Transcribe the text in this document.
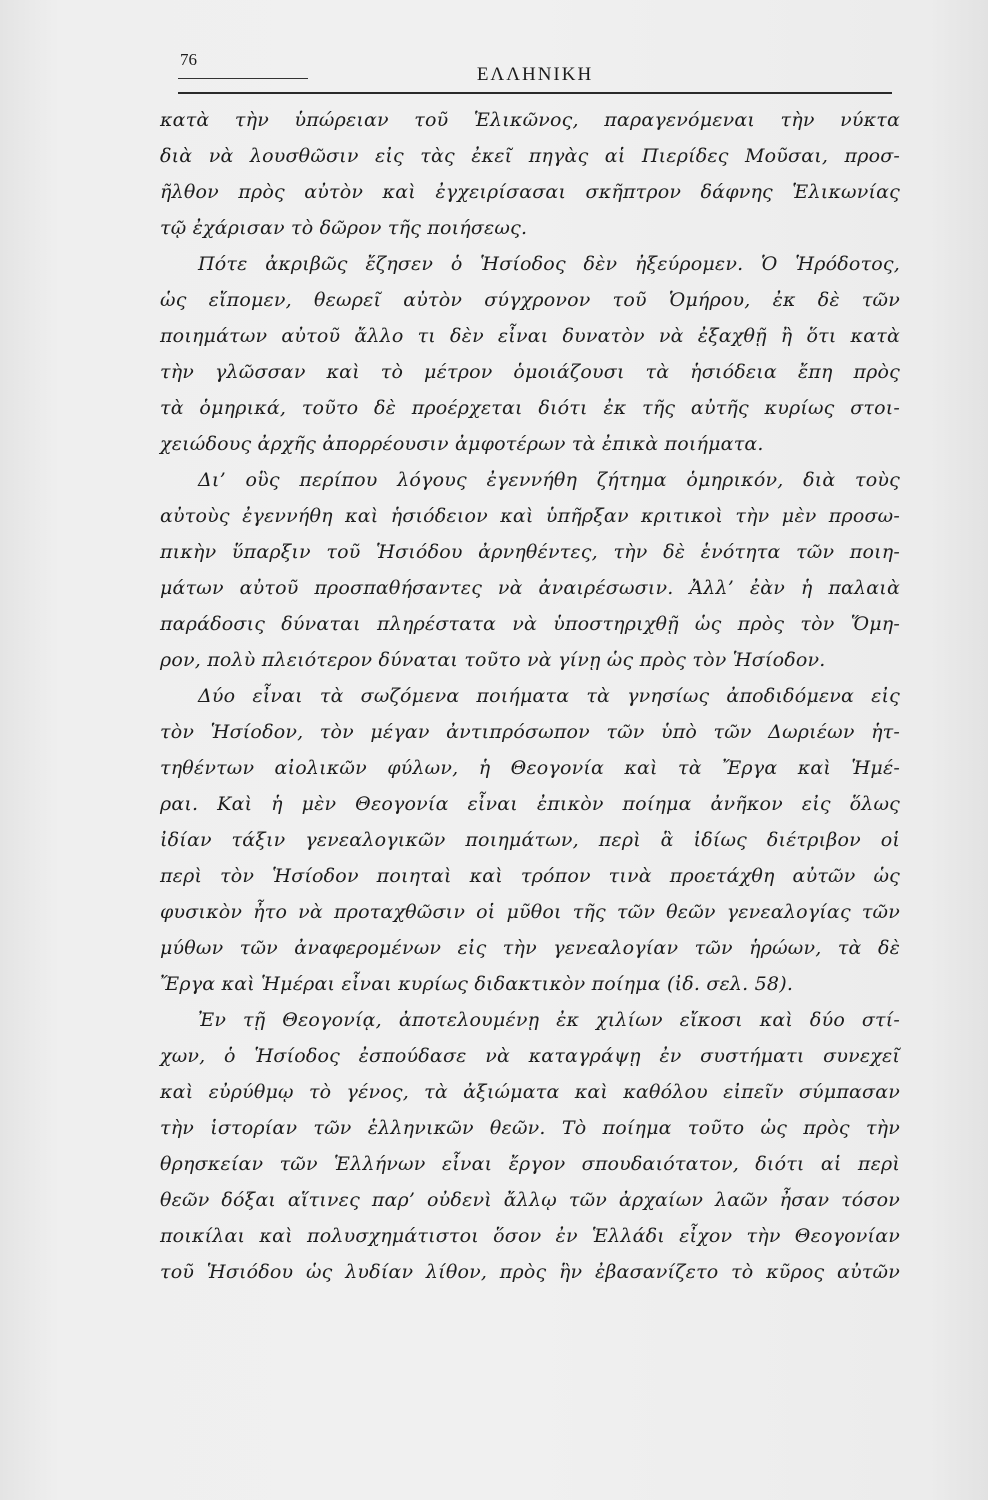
76
ΕΛΛΗΝΙΚΗ
κατὰ τὴν ὑπώρειαν τοῦ Ἑλικῶνος, παραγενόμεναι τὴν νύκτα
διὰ νὰ λουσθῶσιν εἰς τὰς ἐκεῖ πηγὰς αἱ Πιερίδες Μοῦσαι, προσ-
ῆλθον πρὸς αὐτὸν καὶ ἐγχειρίσασαι σκῆπτρον δάφνης Ἑλικωνίας
τῷ ἐχάρισαν τὸ δῶρον τῆς ποιήσεως.
Πότε ἀκριβῶς ἔζησεν ὁ Ἡσίοδος δὲν ἠξεύρομεν. Ὁ Ἡρόδοτος,
ὡς εἴπομεν, θεωρεῖ αὐτὸν σύγχρονον τοῦ Ὁμήρου, ἐκ δὲ τῶν
ποιημάτων αὐτοῦ ἄλλο τι δὲν εἶναι δυνατὸν νὰ ἐξαχθῇ ἢ ὅτι κατὰ
τὴν γλῶσσαν καὶ τὸ μέτρον ὁμοιάζουσι τὰ ἡσιόδεια ἔπη πρὸς
τὰ ὁμηρικά, τοῦτο δὲ προέρχεται διότι ἐκ τῆς αὐτῆς κυρίως στοι-
χειώδους ἀρχῆς ἀπορρέουσιν ἀμφοτέρων τὰ ἐπικὰ ποιήματα.
Δι’ οὓς περίπου λόγους ἐγεννήθη ζήτημα ὁμηρικόν, διὰ τοὺς
αὐτοὺς ἐγεννήθη καὶ ἡσιόδειον καὶ ὑπῆρξαν κριτικοὶ τὴν μὲν προσω-
πικὴν ὕπαρξιν τοῦ Ἡσιόδου ἀρνηθέντες, τὴν δὲ ἑνότητα τῶν ποιη-
μάτων αὐτοῦ προσπαθήσαντες νὰ ἀναιρέσωσιν. Ἀλλ’ ἐὰν ἡ παλαιὰ
παράδοσις δύναται πληρέστατα νὰ ὑποστηριχθῇ ὡς πρὸς τὸν Ὅμη-
ρον, πολὺ πλειότερον δύναται τοῦτο νὰ γίνῃ ὡς πρὸς τὸν Ἡσίοδον.
Δύο εἶναι τὰ σωζόμενα ποιήματα τὰ γνησίως ἀποδιδόμενα εἰς
τὸν Ἡσίοδον, τὸν μέγαν ἀντιπρόσωπον τῶν ὑπὸ τῶν Δωριέων ἡτ-
τηθέντων αἰολικῶν φύλων, ἡ Θεογονία καὶ τὰ Ἔργα καὶ Ἡμέ-
ραι. Καὶ ἡ μὲν Θεογονία εἶναι ἐπικὸν ποίημα ἀνῆκον εἰς ὅλως
ἰδίαν τάξιν γενεαλογικῶν ποιημάτων, περὶ ἃ ἰδίως διέτριβον οἱ
περὶ τὸν Ἡσίοδον ποιηταὶ καὶ τρόπον τινὰ προετάχθη αὐτῶν ὡς
φυσικὸν ἦτο νὰ προταχθῶσιν οἱ μῦθοι τῆς τῶν θεῶν γενεαλογίας τῶν
μύθων τῶν ἀναφερομένων εἰς τὴν γενεαλογίαν τῶν ἡρώων, τὰ δὲ
Ἔργα καὶ Ἡμέραι εἶναι κυρίως διδακτικὸν ποίημα (ἰδ. σελ. 58).
Ἐν τῇ Θεογονίᾳ, ἀποτελουμένῃ ἐκ χιλίων εἴκοσι καὶ δύο στί-
χων, ὁ Ἡσίοδος ἐσπούδασε νὰ καταγράψῃ ἐν συστήματι συνεχεῖ
καὶ εὐρύθμῳ τὸ γένος, τὰ ἀξιώματα καὶ καθόλου εἰπεῖν σύμπασαν
τὴν ἱστορίαν τῶν ἑλληνικῶν θεῶν. Τὸ ποίημα τοῦτο ὡς πρὸς τὴν
θρησκείαν τῶν Ἑλλήνων εἶναι ἔργον σπουδαιότατον, διότι αἱ περὶ
θεῶν δόξαι αἵτινες παρ’ οὐδενὶ ἄλλῳ τῶν ἀρχαίων λαῶν ἦσαν τόσον
ποικίλαι καὶ πολυσχημάτιστοι ὅσον ἐν Ἑλλάδι εἶχον τὴν Θεογονίαν
τοῦ Ἡσιόδου ὡς λυδίαν λίθον, πρὸς ἣν ἐβασανίζετο τὸ κῦρος αὐτῶν
